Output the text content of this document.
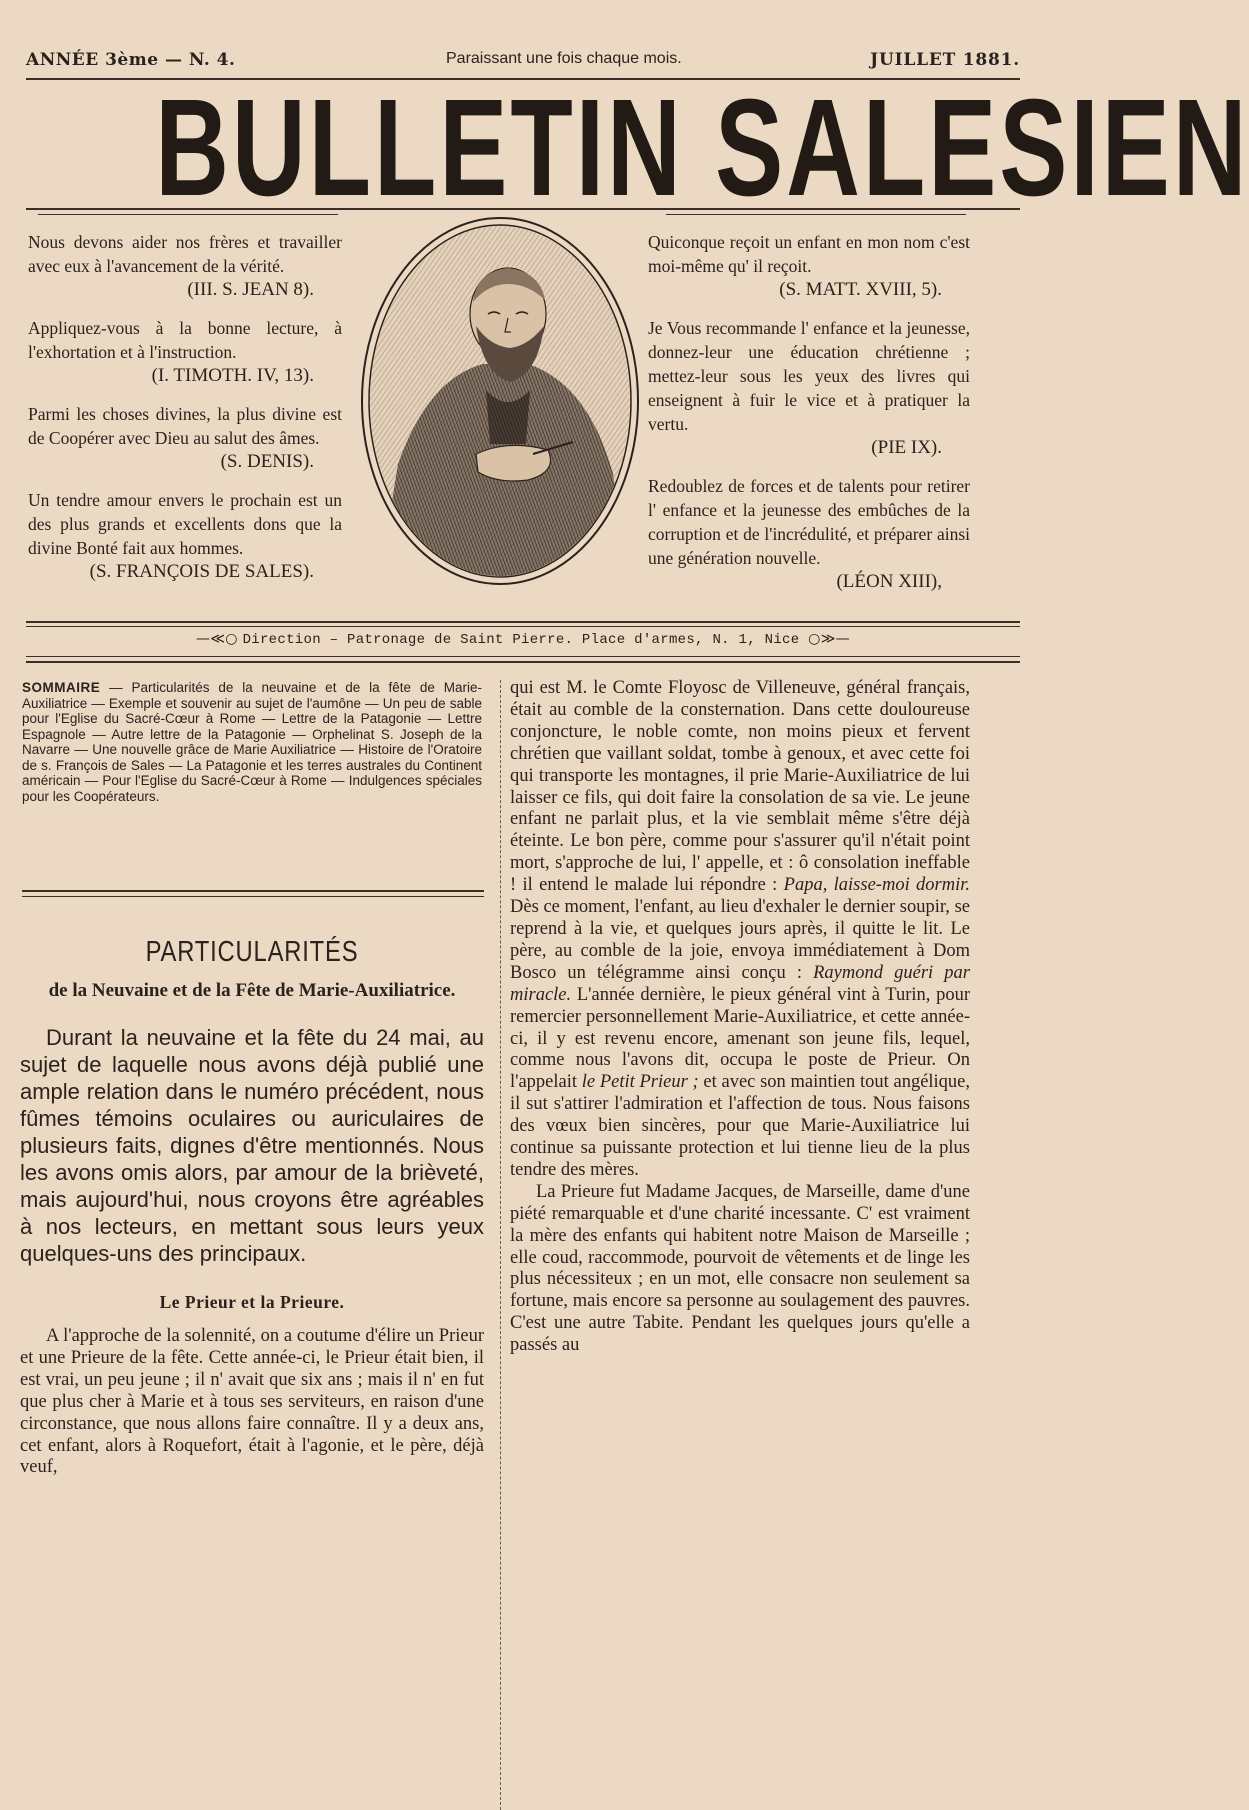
ANNÉE 3ème — N. 4.	Paraissant une fois chaque mois.	JUILLET 1881.
BULLETIN SALESIEN
Nous devons aider nos frères et travailler avec eux à l'avancement de la vérité.
(III. S. JEAN 8).
Appliquez-vous à la bonne lecture, à l'exhortation et à l'instruction.
(I. TIMOTH. IV, 13).
Parmi les choses divines, la plus divine est de Coopérer avec Dieu au salut des âmes.
(S. DENIS).
Un tendre amour envers le prochain est un des plus grands et excellents dons que la divine Bonté fait aux hommes.
(S. FRANÇOIS DE SALES).
Quiconque reçoit un enfant en mon nom c'est moi-même qu' il reçoit.
(S. MATT. XVIII, 5).
Je Vous recommande l' enfance et la jeunesse, donnez-leur une éducation chrétienne ; mettez-leur sous les yeux des livres qui enseignent à fuir le vice et à pratiquer la vertu.
(PIE IX).
Redoublez de forces et de talents pour retirer l' enfance et la jeunesse des embûches de la corruption et de l'incrédulité, et préparer ainsi une génération nouvelle.
(LÉON XIII),
—≪○ Direction – Patronage de Saint Pierre. Place d'armes, N. 1, Nice ○≫—
SOMMAIRE — Particularités de la neuvaine et de la fête de Marie-Auxiliatrice — Exemple et souvenir au sujet de l'aumône — Un peu de sable pour l'Eglise du Sacré-Cœur à Rome — Lettre de la Patagonie — Lettre Espagnole — Autre lettre de la Patagonie — Orphelinat S. Joseph de la Navarre — Une nouvelle grâce de Marie Auxiliatrice — Histoire de l'Oratoire de s. François de Sales — La Patagonie et les terres australes du Continent américain — Pour l'Eglise du Sacré-Cœur à Rome — Indulgences spéciales pour les Coopérateurs.
PARTICULARITÉS
de la Neuvaine et de la Fête de Marie-Auxiliatrice.
Durant la neuvaine et la fête du 24 mai, au sujet de laquelle nous avons déjà publié une ample relation dans le numéro précédent, nous fûmes témoins oculaires ou auriculaires de plusieurs faits, dignes d'être mentionnés. Nous les avons omis alors, par amour de la brièveté, mais aujourd'hui, nous croyons être agréables à nos lecteurs, en mettant sous leurs yeux quelques-uns des principaux.
Le Prieur et la Prieure.
A l'approche de la solennité, on a coutume d'élire un Prieur et une Prieure de la fête. Cette année-ci, le Prieur était bien, il est vrai, un peu jeune ; il n' avait que six ans ; mais il n' en fut que plus cher à Marie et à tous ses serviteurs, en raison d'une circonstance, que nous allons faire connaître. Il y a deux ans, cet enfant, alors à Roquefort, était à l'agonie, et le père, déjà veuf,

qui est M. le Comte Floyosc de Villeneuve, général français, était au comble de la consternation. Dans cette douloureuse conjoncture, le noble comte, non moins pieux et fervent chrétien que vaillant soldat, tombe à genoux, et avec cette foi qui transporte les montagnes, il prie Marie-Auxiliatrice de lui laisser ce fils, qui doit faire la consolation de sa vie. Le jeune enfant ne parlait plus, et la vie semblait même s'être déjà éteinte. Le bon père, comme pour s'assurer qu'il n'était point mort, s'approche de lui, l' appelle, et : ô consolation ineffable ! il entend le malade lui répondre : Papa, laisse-moi dormir. Dès ce moment, l'enfant, au lieu d'exhaler le dernier soupir, se reprend à la vie, et quelques jours après, il quitte le lit. Le père, au comble de la joie, envoya immédiatement à Dom Bosco un télégramme ainsi conçu : Raymond guéri par miracle. L'année dernière, le pieux général vint à Turin, pour remercier personnellement Marie-Auxiliatrice, et cette année-ci, il y est revenu encore, amenant son jeune fils, lequel, comme nous l'avons dit, occupa le poste de Prieur. On l'appelait le Petit Prieur ; et avec son maintien tout angélique, il sut s'attirer l'admiration et l'affection de tous. Nous faisons des vœux bien sincères, pour que Marie-Auxiliatrice lui continue sa puissante protection et lui tienne lieu de la plus tendre des mères.

La Prieure fut Madame Jacques, de Marseille, dame d'une piété remarquable et d'une charité incessante. C' est vraiment la mère des enfants qui habitent notre Maison de Marseille ; elle coud, raccommode, pourvoit de vêtements et de linge les plus nécessiteux ; en un mot, elle consacre non seulement sa fortune, mais encore sa personne au soulagement des pauvres. C'est une autre Tabite. Pendant les quelques jours qu'elle a passés au
